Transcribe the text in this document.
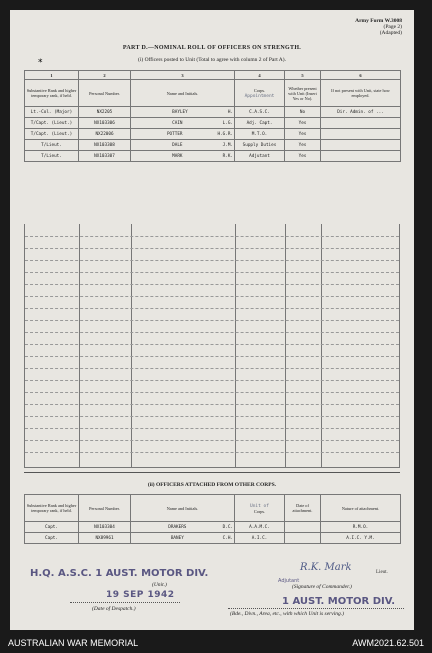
Army Form W.3008
(Page 2)
(Adapted)
⁎
PART D.—NOMINAL ROLL OF OFFICERS ON STRENGTH.
(i) Officers posted to Unit (Total to agree with column 2 of Part A).
1	2	3	4	5	6
Substantive Rank and higher temporary rank, if held.	Personal Number.	Name and Initials.	Corps.
Appointment	Whether present with Unit (Insert Yes or No).	If not present with Unit, state how employed.
Lt.-Col. (Major)	NX2205	BAYLEY H.	C.A.S.C.	No	Dir. Admin. of ...
T/Capt. (Lieut.)	NX103306	CAIN L.G.	Adj. Capt.	Yes	
T/Capt. (Lieut.)	NX22006	POTTER H.G.R.	M.T.O.	Yes	
T/Lieut.	NX103308	DALE J.M.	Supply Duties	Yes	
T/Lieut.	NX103307	MARK R.K.	Adjutant	Yes	
(ii) OFFICERS ATTACHED FROM OTHER CORPS.
Substantive Rank and higher temporary rank, if held.	Personal Number.	Name and Initials.	Unit of
Corps.	Date of attachment.	Nature of attachment.
Capt.	NX103304	DRAKERS D.C.	A.A.M.C.		R.M.O.
Capt.	NX89961	BANEY C.H.	A.I.C.		A.I.C. Y.M.
H.Q. A.S.C. 1 AUST. MOTOR DIV.
(Unit.)
19 SEP 1942
(Date of Despatch.)
R.K. Mark	Lieut.
Adjutant
(Signature of Commander.)
1 AUST. MOTOR DIV.
(Bde., Divn., Area, etc., with which Unit is serving.)
AUSTRALIAN WAR MEMORIAL	AWM2021.62.501
